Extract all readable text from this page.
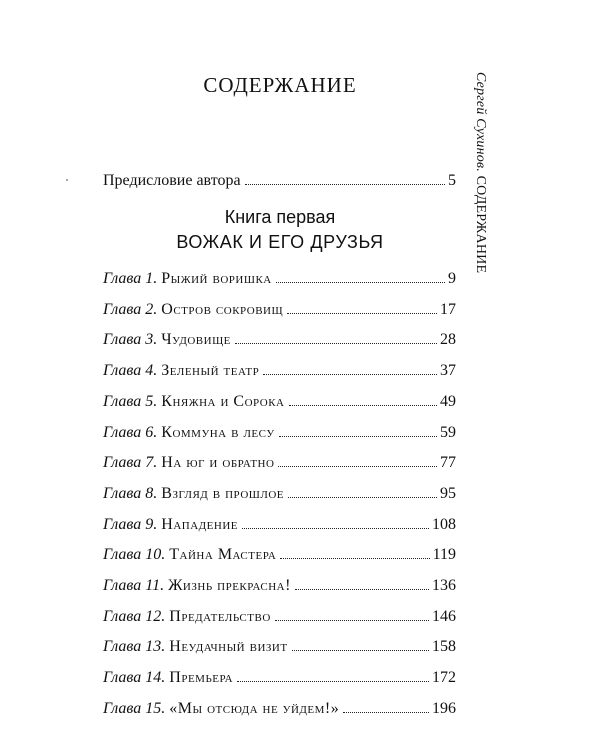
СОДЕРЖАНИЕ	Сергей Сухинов. СОДЕРЖАНИЕ
Предисловие автора	5
Книга первая
ВОЖАК И ЕГО ДРУЗЬЯ
Глава 1. Рыжий воришка	9
Глава 2. Остров сокровищ	17
Глава 3. Чудовище	28
Глава 4. Зеленый театр	37
Глава 5. Княжна и Сорока	49
Глава 6. Коммуна в лесу	59
Глава 7. На юг и обратно	77
Глава 8. Взгляд в прошлое	95
Глава 9. Нападение	108
Глава 10. Тайна Мастера	119
Глава 11. Жизнь прекрасна!	136
Глава 12. Предательство	146
Глава 13. Неудачный визит	158
Глава 14. Премьера	172
Глава 15. «Мы отсюда не уйдем!»	196
